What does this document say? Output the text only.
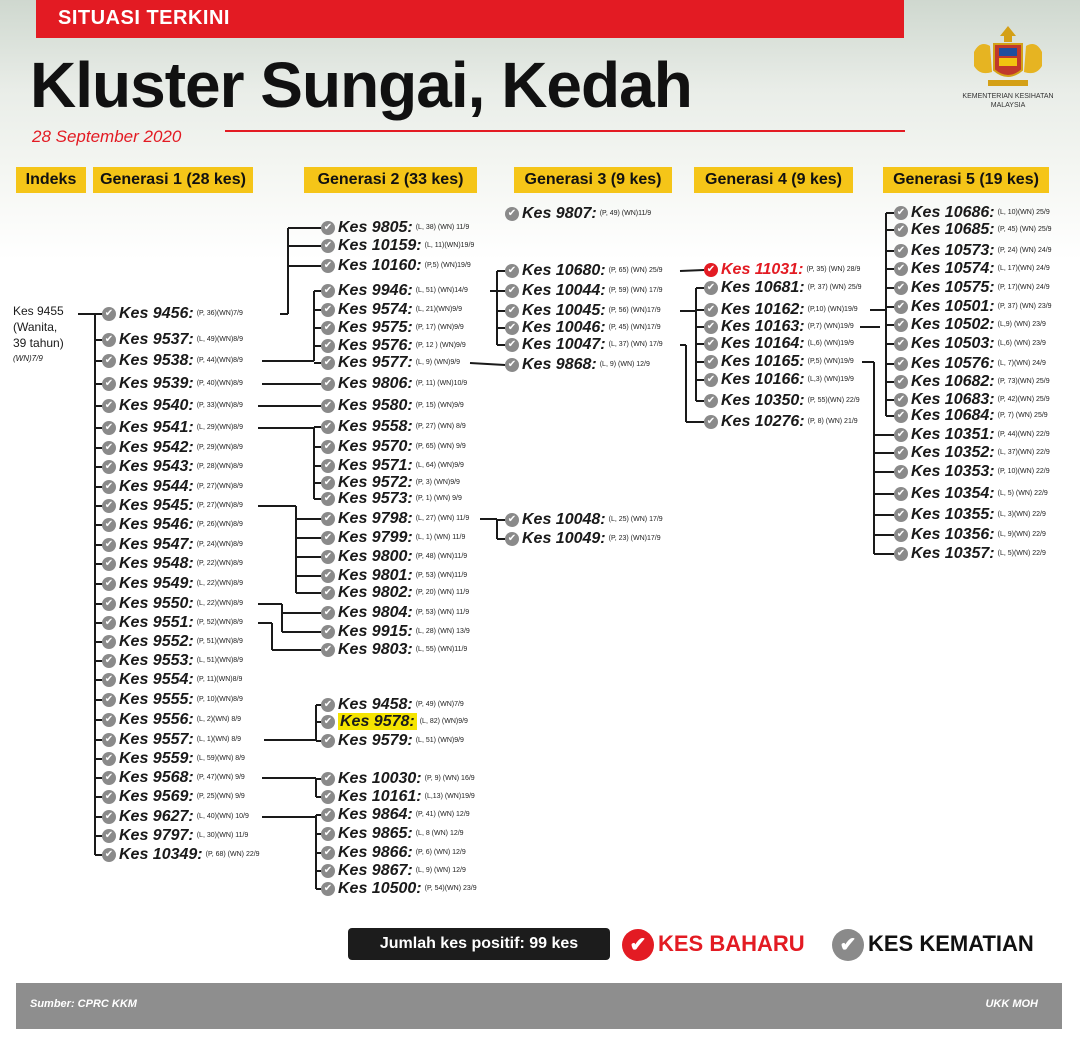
SITUASI TERKINI
Kluster Sungai, Kedah
28 September 2020
KEMENTERIAN KESIHATAN MALAYSIA
Indeks	Generasi 1 (28 kes)	Generasi 2 (33 kes)	Generasi 3 (9 kes)	Generasi 4 (9 kes)	Generasi 5 (19 kes)
Kes 9455
(Wanita,
39 tahun)
(WN)7/9
✔ Kes 9456: (P, 36)(WN)7/9
✔ Kes 9537: (L, 49)(WN)8/9
✔ Kes 9538: (P, 44)(WN)8/9
✔ Kes 9539: (P, 40)(WN)8/9
✔ Kes 9540: (P, 33)(WN)8/9
✔ Kes 9541: (L, 29)(WN)8/9
✔ Kes 9542: (P, 29)(WN)8/9
✔ Kes 9543: (P, 28)(WN)8/9
✔ Kes 9544: (P, 27)(WN)8/9
✔ Kes 9545: (P, 27)(WN)8/9
✔ Kes 9546: (P, 26)(WN)8/9
✔ Kes 9547: (P, 24)(WN)8/9
✔ Kes 9548: (P, 22)(WN)8/9
✔ Kes 9549: (L, 22)(WN)8/9
✔ Kes 9550: (L, 22)(WN)8/9
✔ Kes 9551: (P, 52)(WN)8/9
✔ Kes 9552: (P, 51)(WN)8/9
✔ Kes 9553: (L, 51)(WN)8/9
✔ Kes 9554: (P, 11)(WN)8/9
✔ Kes 9555: (P, 10)(WN)8/9
✔ Kes 9556: (L, 2)(WN) 8/9
✔ Kes 9557: (L, 1)(WN) 8/9
✔ Kes 9559: (L, 59)(WN) 8/9
✔ Kes 9568: (P, 47)(WN) 9/9
✔ Kes 9569: (P, 25)(WN) 9/9
✔ Kes 9627: (L, 40)(WN) 10/9
✔ Kes 9797: (L, 30)(WN) 11/9
✔ Kes 10349: (P, 68) (WN) 22/9
✔ Kes 9805: (L, 38) (WN) 11/9
✔ Kes 10159: (L, 11)(WN)19/9
✔ Kes 10160: (P,5) (WN)19/9
✔ Kes 9946: (L, 51) (WN)14/9
✔ Kes 9574: (L, 21)(WN)9/9
✔ Kes 9575: (P, 17) (WN)9/9
✔ Kes 9576: (P, 12 ) (WN)9/9
✔ Kes 9577: (L, 9) (WN)9/9
✔ Kes 9806: (P, 11) (WN)10/9
✔ Kes 9580: (P, 15) (WN)9/9
✔ Kes 9558: (P, 27) (WN) 8/9
✔ Kes 9570: (P, 65) (WN) 9/9
✔ Kes 9571: (L, 64) (WN)9/9
✔ Kes 9572: (P, 3) (WN)9/9
✔ Kes 9573: (P, 1) (WN) 9/9
✔ Kes 9798: (L, 27) (WN) 11/9
✔ Kes 9799: (L, 1) (WN) 11/9
✔ Kes 9800: (P, 48) (WN)11/9
✔ Kes 9801: (P, 53) (WN)11/9
✔ Kes 9802: (P, 20) (WN) 11/9
✔ Kes 9804: (P, 53) (WN) 11/9
✔ Kes 9915: (L, 28) (WN) 13/9
✔ Kes 9803: (L, 55) (WN)11/9
✔ Kes 9458: (P, 49) (WN)7/9
✔ Kes 9578: (L, 82) (WN)9/9
✔ Kes 9579: (L, 51) (WN)9/9
✔ Kes 10030: (P, 9) (WN) 16/9
✔ Kes 10161: (L,13) (WN)19/9
✔ Kes 9864: (P, 41) (WN) 12/9
✔ Kes 9865: (L, 8 (WN) 12/9
✔ Kes 9866: (P, 6) (WN) 12/9
✔ Kes 9867: (L, 9) (WN) 12/9
✔ Kes 10500: (P, 54)(WN) 23/9
✔ Kes 9807: (P, 49) (WN)11/9
✔ Kes 10680: (P, 65) (WN) 25/9
✔ Kes 10044: (P, 59) (WN) 17/9
✔ Kes 10045: (P, 56) (WN)17/9
✔ Kes 10046: (P, 45) (WN)17/9
✔ Kes 10047: (L, 37) (WN) 17/9
✔ Kes 9868: (L, 9) (WN) 12/9
✔ Kes 10048: (L, 25) (WN) 17/9
✔ Kes 10049: (P, 23) (WN)17/9
✔ Kes 11031: (P, 35) (WN) 28/9
✔ Kes 10681: (P, 37) (WN) 25/9
✔ Kes 10162: (P,10) (WN)19/9
✔ Kes 10163: (P,7) (WN)19/9
✔ Kes 10164: (L,6) (WN)19/9
✔ Kes 10165: (P,5) (WN)19/9
✔ Kes 10166: (L,3) (WN)19/9
✔ Kes 10350: (P, 55)(WN) 22/9
✔ Kes 10276: (P, 8) (WN) 21/9
✔ Kes 10686: (L, 10)(WN) 25/9
✔ Kes 10685: (P, 45) (WN) 25/9
✔ Kes 10573: (P, 24) (WN) 24/9
✔ Kes 10574: (L, 17)(WN) 24/9
✔ Kes 10575: (P, 17)(WN) 24/9
✔ Kes 10501: (P, 37) (WN) 23/9
✔ Kes 10502: (L,9) (WN) 23/9
✔ Kes 10503: (L,6) (WN) 23/9
✔ Kes 10576: (L, 7)(WN) 24/9
✔ Kes 10682: (P, 73)(WN) 25/9
✔ Kes 10683: (P, 42)(WN) 25/9
✔ Kes 10684: (P, 7) (WN) 25/9
✔ Kes 10351: (P, 44)(WN) 22/9
✔ Kes 10352: (L, 37)(WN) 22/9
✔ Kes 10353: (P, 10)(WN) 22/9
✔ Kes 10354: (L, 5) (WN) 22/9
✔ Kes 10355: (L, 3)(WN) 22/9
✔ Kes 10356: (L, 9)(WN) 22/9
✔ Kes 10357: (L, 5)(WN) 22/9
Jumlah kes positif: 99 kes	✔ KES BAHARU	✔ KES KEMATIAN
Sumber: CPRC KKM	UKK MOH
